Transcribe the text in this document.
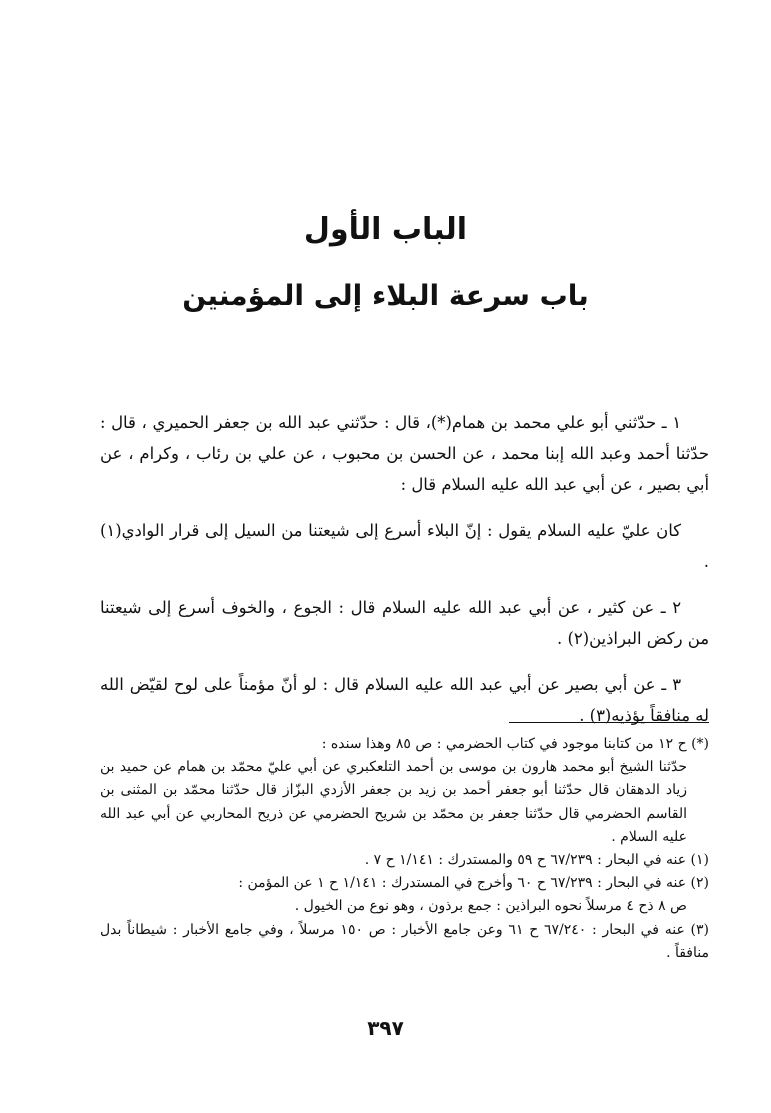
الباب الأول
باب سرعة البلاء إلى المؤمنين

١ ـ حدّثني أبو علي محمد بن همام(*)، قال : حدّثني عبد الله بن جعفر الحميري ، قال : حدّثنا أحمد وعبد الله إبنا محمد ، عن الحسن بن محبوب ، عن علي بن رئاب ، وكرام ، عن أبي بصير ، عن أبي عبد الله عليه السلام قال :

كان عليّ عليه السلام يقول : إنّ البلاء أسرع إلى شيعتنا من السيل إلى قرار الوادي(١) .

٢ ـ عن كثير ، عن أبي عبد الله عليه السلام قال : الجوع ، والخوف أسرع إلى شيعتنا من ركض البراذين(٢) .

٣ ـ عن أبي بصير عن أبي عبد الله عليه السلام قال : لو أنّ مؤمناً على لوح لقيّض الله له منافقاً يؤذيه(٣) .

(*) ح ١٢ من كتابنا موجود في كتاب الحضرمي : ص ٨٥ وهذا سنده :

حدّثنا الشيخ أبو محمد هارون بن موسى بن أحمد التلعكبري عن أبي عليّ محمّد بن همام عن حميد بن زياد الدهقان قال حدّثنا أبو جعفر أحمد بن زيد بن جعفر الأزدي البزّاز قال حدّثنا محمّد بن المثنى بن القاسم الحضرمي قال حدّثنا جعفر بن محمّد بن شريح الحضرمي عن ذريح المحاربي عن أبي عبد الله عليه السلام .

(١) عنه في البحار : ٦٧/٢٣٩ ح ٥٩ والمستدرك : ١/١٤١ ح ٧ .

(٢) عنه في البحار : ٦٧/٢٣٩ ح ٦٠ وأخرج في المستدرك : ١/١٤١ ح ١ عن المؤمن :

ص ٨ ذح ٤ مرسلاً نحوه البراذين : جمع برذون ، وهو نوع من الخيول .

(٣) عنه في البحار : ٦٧/٢٤٠ ح ٦١ وعن جامع الأخبار : ص ١٥٠ مرسلاً ، وفي جامع الأخبار : شيطاناً بدل منافقاً .

٣٩٧
